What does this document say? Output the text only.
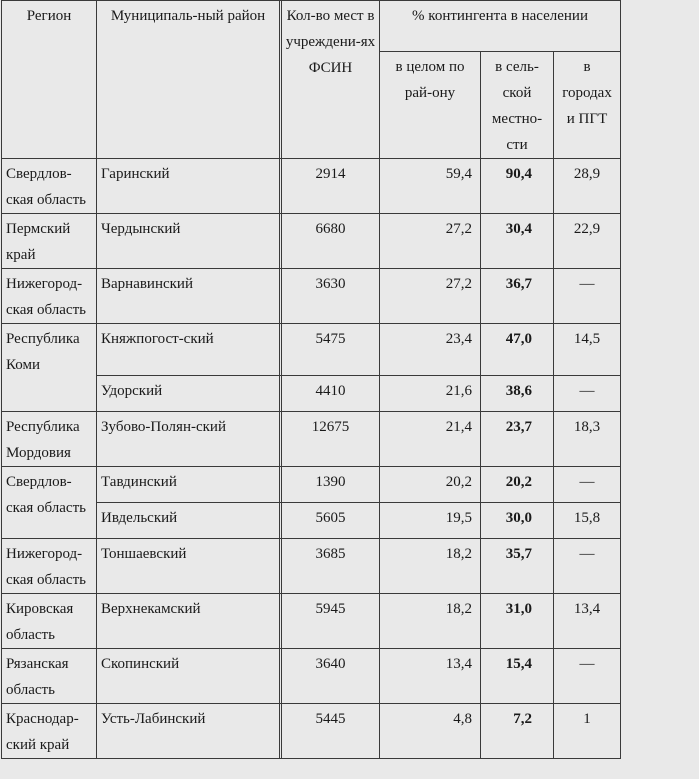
Регион	Муниципаль-ный район		Кол-во мест в учреждени-ях ФСИН	% контингента в населении		
				в целом по рай-ону	в сель-ской местно-сти	в городах и ПГТ
Свердлов-ская область	Гаринский		2914	59,4	90,4	28,9
Пермский край	Чердынский		6680	27,2	30,4	22,9
Нижегород-ская область	Варнавинский		3630	27,2	36,7	—
Республика Коми	Княжпогост-ский		5475	23,4	47,0	14,5
	Удорский		4410	21,6	38,6	—
Республика Мордовия	Зубово-Полян-ский		12675	21,4	23,7	18,3
Свердлов-ская область	Тавдинский		1390	20,2	20,2	—
	Ивдельский		5605	19,5	30,0	15,8
Нижегород-ская область	Тоншаевский		3685	18,2	35,7	—
Кировская область	Верхнекамский		5945	18,2	31,0	13,4
Рязанская область	Скопинский		3640	13,4	15,4	—
Краснодар-ский край	Усть-Лабинский		5445	4,8	7,2	1
